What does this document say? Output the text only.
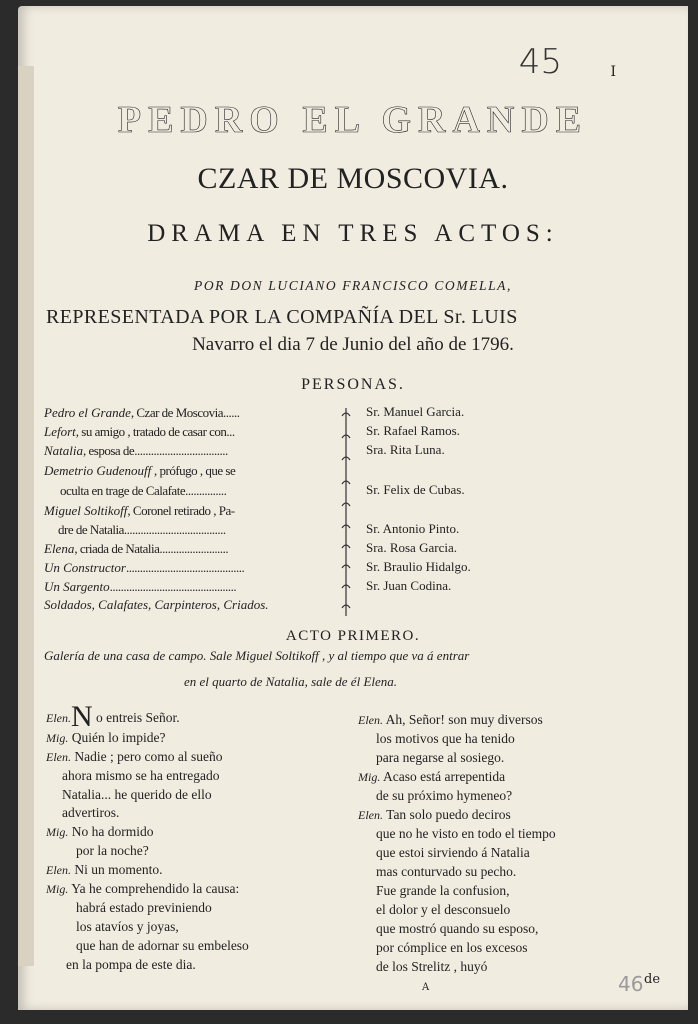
45	I
PEDRO EL GRANDE
CZAR DE MOSCOVIA.
DRAMA EN TRES ACTOS:
POR DON LUCIANO FRANCISCO COMELLA,
REPRESENTADA POR LA COMPAÑÍA DEL Sr. LUIS
Navarro el dia 7 de Junio del año de 1796.
PERSONAS.
Pedro el Grande, Czar de Moscovia......
Lefort, su amigo , tratado de casar con...
Natalia, esposa de..................................
Demetrio Gudenouff , prófugo , que se
oculta en trage de Calafate...............
Miguel Soltikoff, Coronel retirado , Pa-
dre de Natalia.....................................
Elena, criada de Natalia.........................
Un Constructor...........................................
Un Sargento..............................................
Soldados, Calafates, Carpinteros, Criados.
Sr. Manuel Garcia.
Sr. Rafael Ramos.
Sra. Rita Luna.
Sr. Felix de Cubas.
Sr. Antonio Pinto.
Sra. Rosa Garcia.
Sr. Braulio Hidalgo.
Sr. Juan Codina.
ACTO PRIMERO.
Galería de una casa de campo. Sale Miguel Soltikoff , y al tiempo que va á entrar
en el quarto de Natalia, sale de él Elena.
Elen.N o entreis Señor.
Mig. Quién lo impide?
Elen. Nadie ; pero como al sueño
ahora mismo se ha entregado
Natalia... he querido de ello
advertiros.
Mig. No ha dormido
por la noche?
Elen. Ni un momento.
Mig. Ya he comprehendido la causa:
habrá estado previniendo
los atavíos y joyas,
que han de adornar su embeleso
en la pompa de este dia.
Elen. Ah, Señor! son muy diversos
los motivos que ha tenido
para negarse al sosiego.
Mig. Acaso está arrepentida
de su próximo hymeneo?
Elen. Tan solo puedo deciros
que no he visto en todo el tiempo
que estoi sirviendo á Natalia
mas conturvado su pecho.
Fue grande la confusion,
el dolor y el desconsuelo
que mostró quando su esposo,
por cómplice en los excesos
de los Strelitz , huyó
A	46 de
